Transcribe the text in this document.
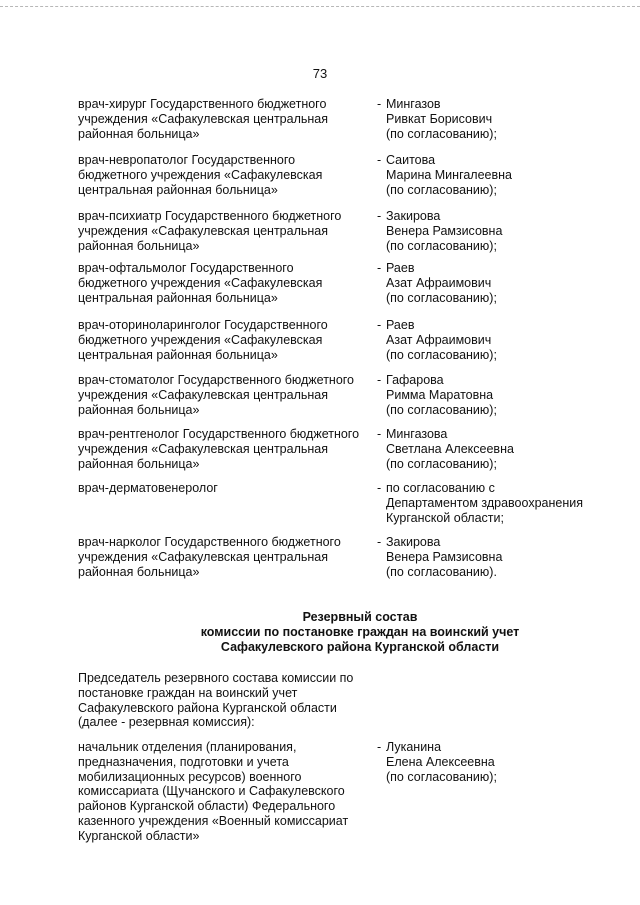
73
врач-хирург Государственного бюджетного
учреждения «Сафакулевская центральная
районная больница»
- Мингазов
Ривкат Борисович
(по согласованию);
врач-невропатолог Государственного
бюджетного учреждения «Сафакулевская
центральная районная больница»
- Саитова
Марина Мингалеевна
(по согласованию);
врач-психиатр Государственного бюджетного
учреждения «Сафакулевская центральная
районная больница»
- Закирова
Венера Рамзисовна
(по согласованию);
врач-офтальмолог Государственного
бюджетного учреждения «Сафакулевская
центральная районная больница»
- Раев
Азат Афраимович
(по согласованию);
врач-оториноларинголог Государственного
бюджетного учреждения «Сафакулевская
центральная районная больница»
- Раев
Азат Афраимович
(по согласованию);
врач-стоматолог Государственного бюджетного
учреждения «Сафакулевская центральная
районная больница»
- Гафарова
Римма Маратовна
(по согласованию);
врач-рентгенолог Государственного бюджетного
учреждения «Сафакулевская центральная
районная больница»
- Мингазова
Светлана Алексеевна
(по согласованию);
врач-дерматовенеролог	- по согласованию с
Департаментом здравоохранения
Курганской области;
врач-нарколог Государственного бюджетного
учреждения «Сафакулевская центральная
районная больница»
- Закирова
Венера Рамзисовна
(по согласованию).
Резервный состав
комиссии по постановке граждан на воинский учет
Сафакулевского района Курганской области
Председатель резервного состава комиссии по
постановке граждан на воинский учет
Сафакулевского района Курганской области
(далее - резервная комиссия):
начальник отделения (планирования,
предназначения, подготовки и учета
мобилизационных ресурсов) военного
комиссариата (Щучанского и Сафакулевского
районов Курганской области) Федерального
казенного учреждения «Военный комиссариат
Курганской области»
- Луканина
Елена Алексеевна
(по согласованию);
